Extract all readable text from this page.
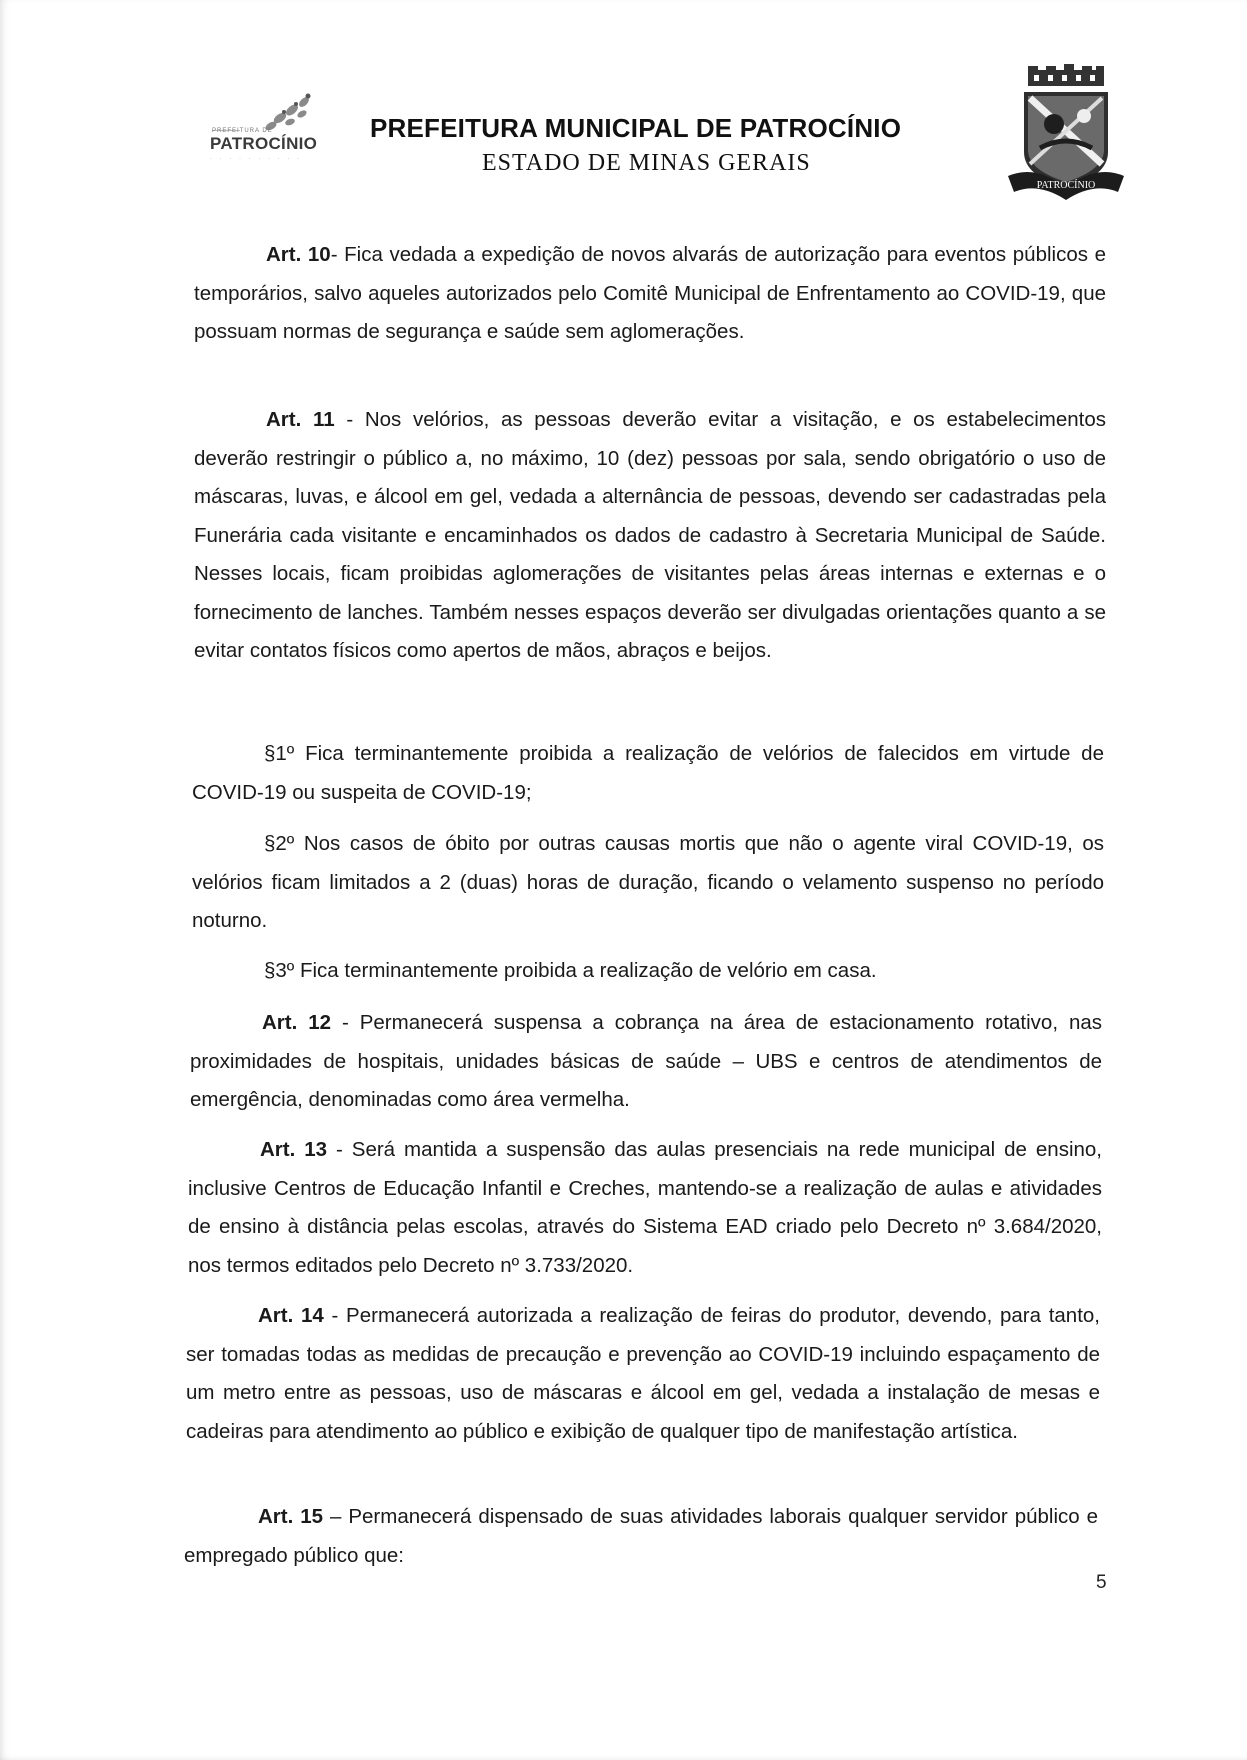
PREFEITURA DE
PATROCÍNIO
· · · · · · · · · ·
PREFEITURA MUNICIPAL DE PATROCÍNIO
ESTADO DE MINAS GERAIS
PATROCÍNIO
Art. 10- Fica vedada a expedição de novos alvarás de autorização para eventos públicos e temporários, salvo aqueles autorizados pelo Comitê Municipal de Enfrentamento ao COVID-19, que possuam normas de segurança e saúde sem aglomerações.
Art. 11 - Nos velórios, as pessoas deverão evitar a visitação, e os estabelecimentos deverão restringir o público a, no máximo, 10 (dez) pessoas por sala, sendo obrigatório o uso de máscaras, luvas, e álcool em gel, vedada a alternância de pessoas, devendo ser cadastradas pela Funerária cada visitante e encaminhados os dados de cadastro à Secretaria Municipal de Saúde. Nesses locais, ficam proibidas aglomerações de visitantes pelas áreas internas e externas e o fornecimento de lanches. Também nesses espaços deverão ser divulgadas orientações quanto a se evitar contatos físicos como apertos de mãos, abraços e beijos.
§1º Fica terminantemente proibida a realização de velórios de falecidos em virtude de COVID-19 ou suspeita de COVID-19;
§2º Nos casos de óbito por outras causas mortis que não o agente viral COVID-19, os velórios ficam limitados a 2 (duas) horas de duração, ficando o velamento suspenso no período noturno.
§3º Fica terminantemente proibida a realização de velório em casa.
Art. 12 - Permanecerá suspensa a cobrança na área de estacionamento rotativo, nas proximidades de hospitais, unidades básicas de saúde – UBS e centros de atendimentos de emergência, denominadas como área vermelha.
Art. 13 - Será mantida a suspensão das aulas presenciais na rede municipal de ensino, inclusive Centros de Educação Infantil e Creches, mantendo-se a realização de aulas e atividades de ensino à distância pelas escolas, através do Sistema EAD criado pelo Decreto nº 3.684/2020, nos termos editados pelo Decreto nº 3.733/2020.
Art. 14 - Permanecerá autorizada a realização de feiras do produtor, devendo, para tanto, ser tomadas todas as medidas de precaução e prevenção ao COVID-19 incluindo espaçamento de um metro entre as pessoas, uso de máscaras e álcool em gel, vedada a instalação de mesas e cadeiras para atendimento ao público e exibição de qualquer tipo de manifestação artística.
Art. 15 – Permanecerá dispensado de suas atividades laborais qualquer servidor público e empregado público que:
5
